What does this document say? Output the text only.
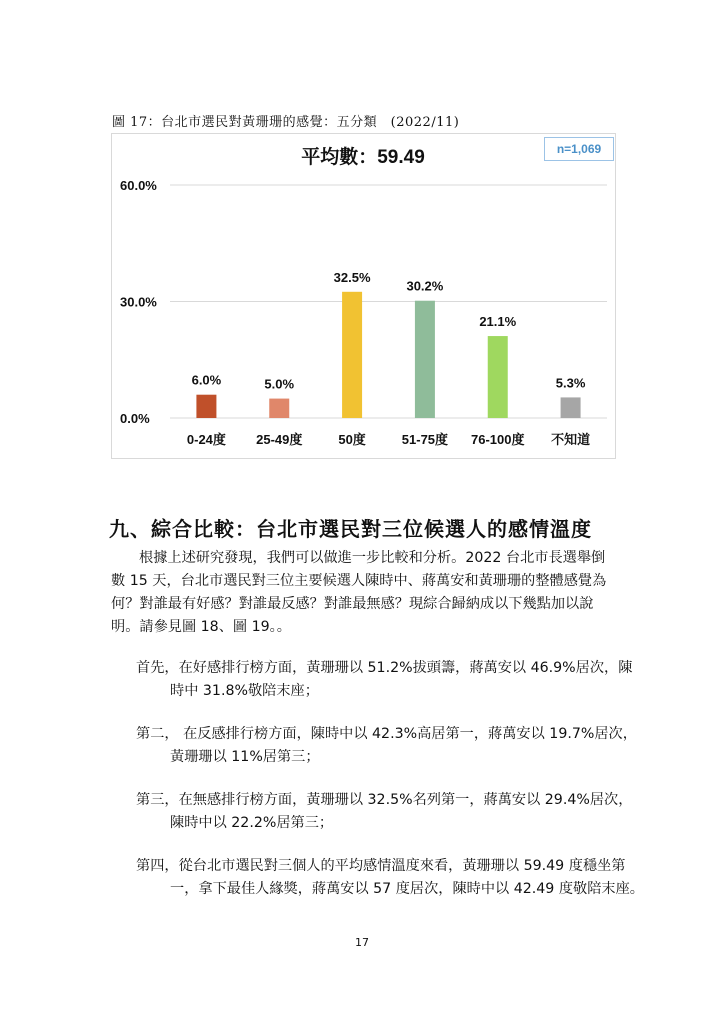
圖 17：台北市選民對黃珊珊的感覺：五分類　(2022/11)
平均數：59.49
0.0%
30.0%
60.0%
6.0%
0-24度
5.0%
25-49度
32.5%
50度
30.2%
51-75度
21.1%
76-100度
5.3%
不知道
n=1,069
九、綜合比較：台北市選民對三位候選人的感情溫度

根據上述研究發現，我們可以做進一步比較和分析。2022 台北市長選舉倒數 15 天，台北市選民對三位主要候選人陳時中、蔣萬安和黃珊珊的整體感覺為何？對誰最有好感？對誰最反感？對誰最無感？現綜合歸納成以下幾點加以說明。請參見圖 18、圖 19。。

首先，在好感排行榜方面，黃珊珊以 51.2%拔頭籌，蔣萬安以 46.9%居次，陳時中 31.8%敬陪末座；

第二， 在反感排行榜方面，陳時中以 42.3%高居第一，蔣萬安以 19.7%居次，黃珊珊以 11%居第三；

第三，在無感排行榜方面，黃珊珊以 32.5%名列第一，蔣萬安以 29.4%居次，陳時中以 22.2%居第三；

第四，從台北市選民對三個人的平均感情溫度來看，黃珊珊以 59.49 度穩坐第一，拿下最佳人緣獎，蔣萬安以 57 度居次，陳時中以 42.49 度敬陪末座。

17
